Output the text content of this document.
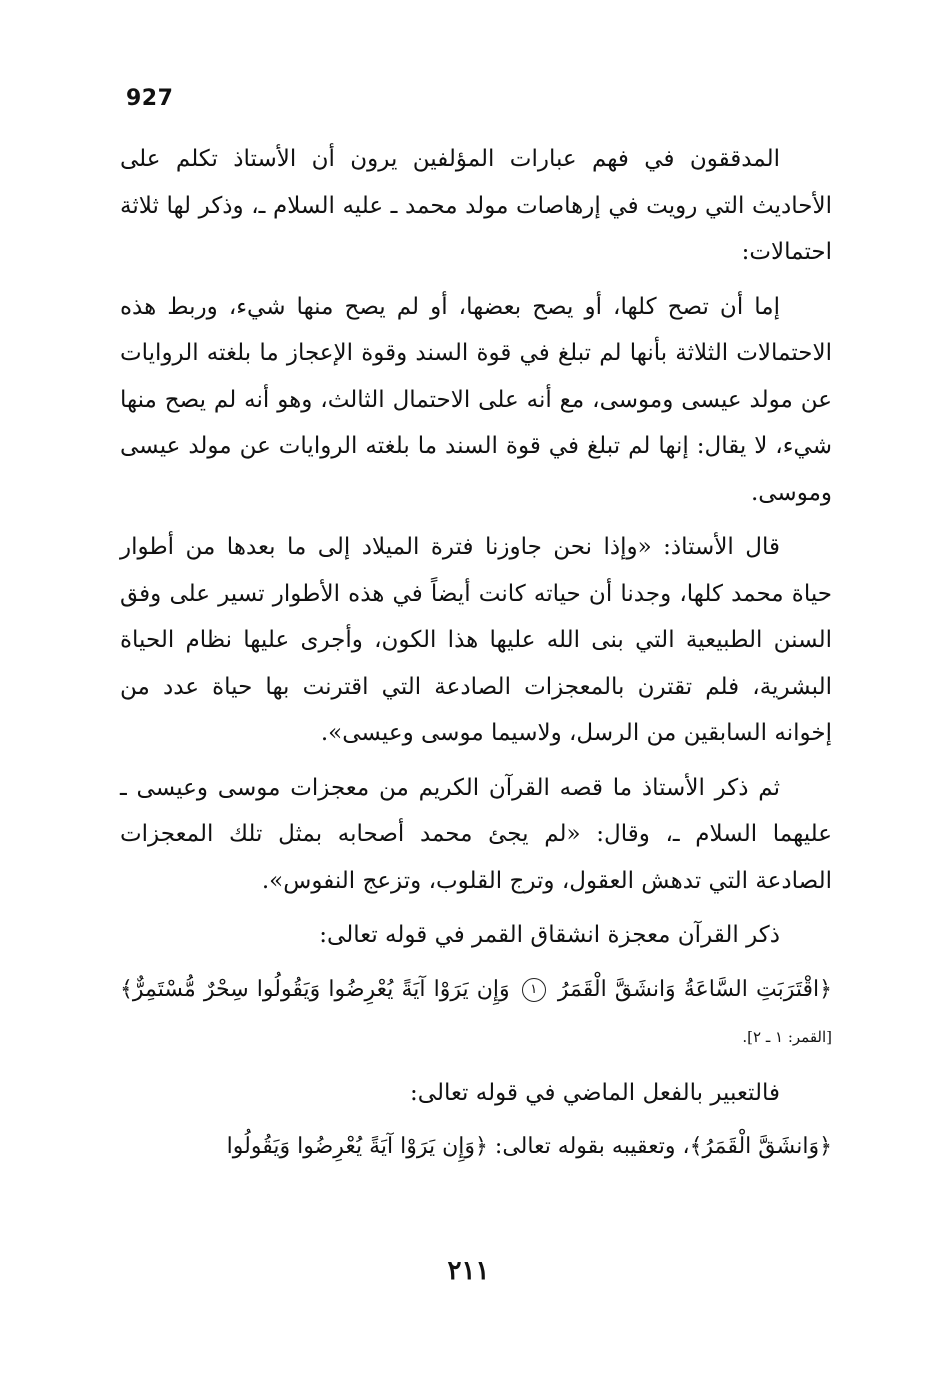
927

المدققون في فهم عبارات المؤلفين يرون أن الأستاذ تكلم على الأحاديث التي رويت في إرهاصات مولد محمد ـ عليه السلام ـ، وذكر لها ثلاثة احتمالات:

إما أن تصح كلها، أو يصح بعضها، أو لم يصح منها شيء، وربط هذه الاحتمالات الثلاثة بأنها لم تبلغ في قوة السند وقوة الإعجاز ما بلغته الروايات عن مولد عيسى وموسى، مع أنه على الاحتمال الثالث، وهو أنه لم يصح منها شيء، لا يقال: إنها لم تبلغ في قوة السند ما بلغته الروايات عن مولد عيسى وموسى.

قال الأستاذ: «وإذا نحن جاوزنا فترة الميلاد إلى ما بعدها من أطوار حياة محمد كلها، وجدنا أن حياته كانت أيضاً في هذه الأطوار تسير على وفق السنن الطبيعية التي بنى الله عليها هذا الكون، وأجرى عليها نظام الحياة البشرية، فلم تقترن بالمعجزات الصادعة التي اقترنت بها حياة عدد من إخوانه السابقين من الرسل، ولاسيما موسى وعيسى».

ثم ذكر الأستاذ ما قصه القرآن الكريم من معجزات موسى وعيسى ـ عليهما السلام ـ، وقال: «لم يجئ محمد أصحابه بمثل تلك المعجزات الصادعة التي تدهش العقول، وترج القلوب، وتزعج النفوس».

ذكر القرآن معجزة انشقاق القمر في قوله تعالى:

﴿اقْتَرَبَتِ السَّاعَةُ وَانشَقَّ الْقَمَرُ ١ وَإِن يَرَوْا آيَةً يُعْرِضُوا وَيَقُولُوا سِحْرٌ مُّسْتَمِرٌّ﴾ [القمر: ١ ـ ٢].

فالتعبير بالفعل الماضي في قوله تعالى:

﴿وَانشَقَّ الْقَمَرُ﴾، وتعقيبه بقوله تعالى: ﴿وَإِن يَرَوْا آيَةً يُعْرِضُوا وَيَقُولُوا

٢١١
